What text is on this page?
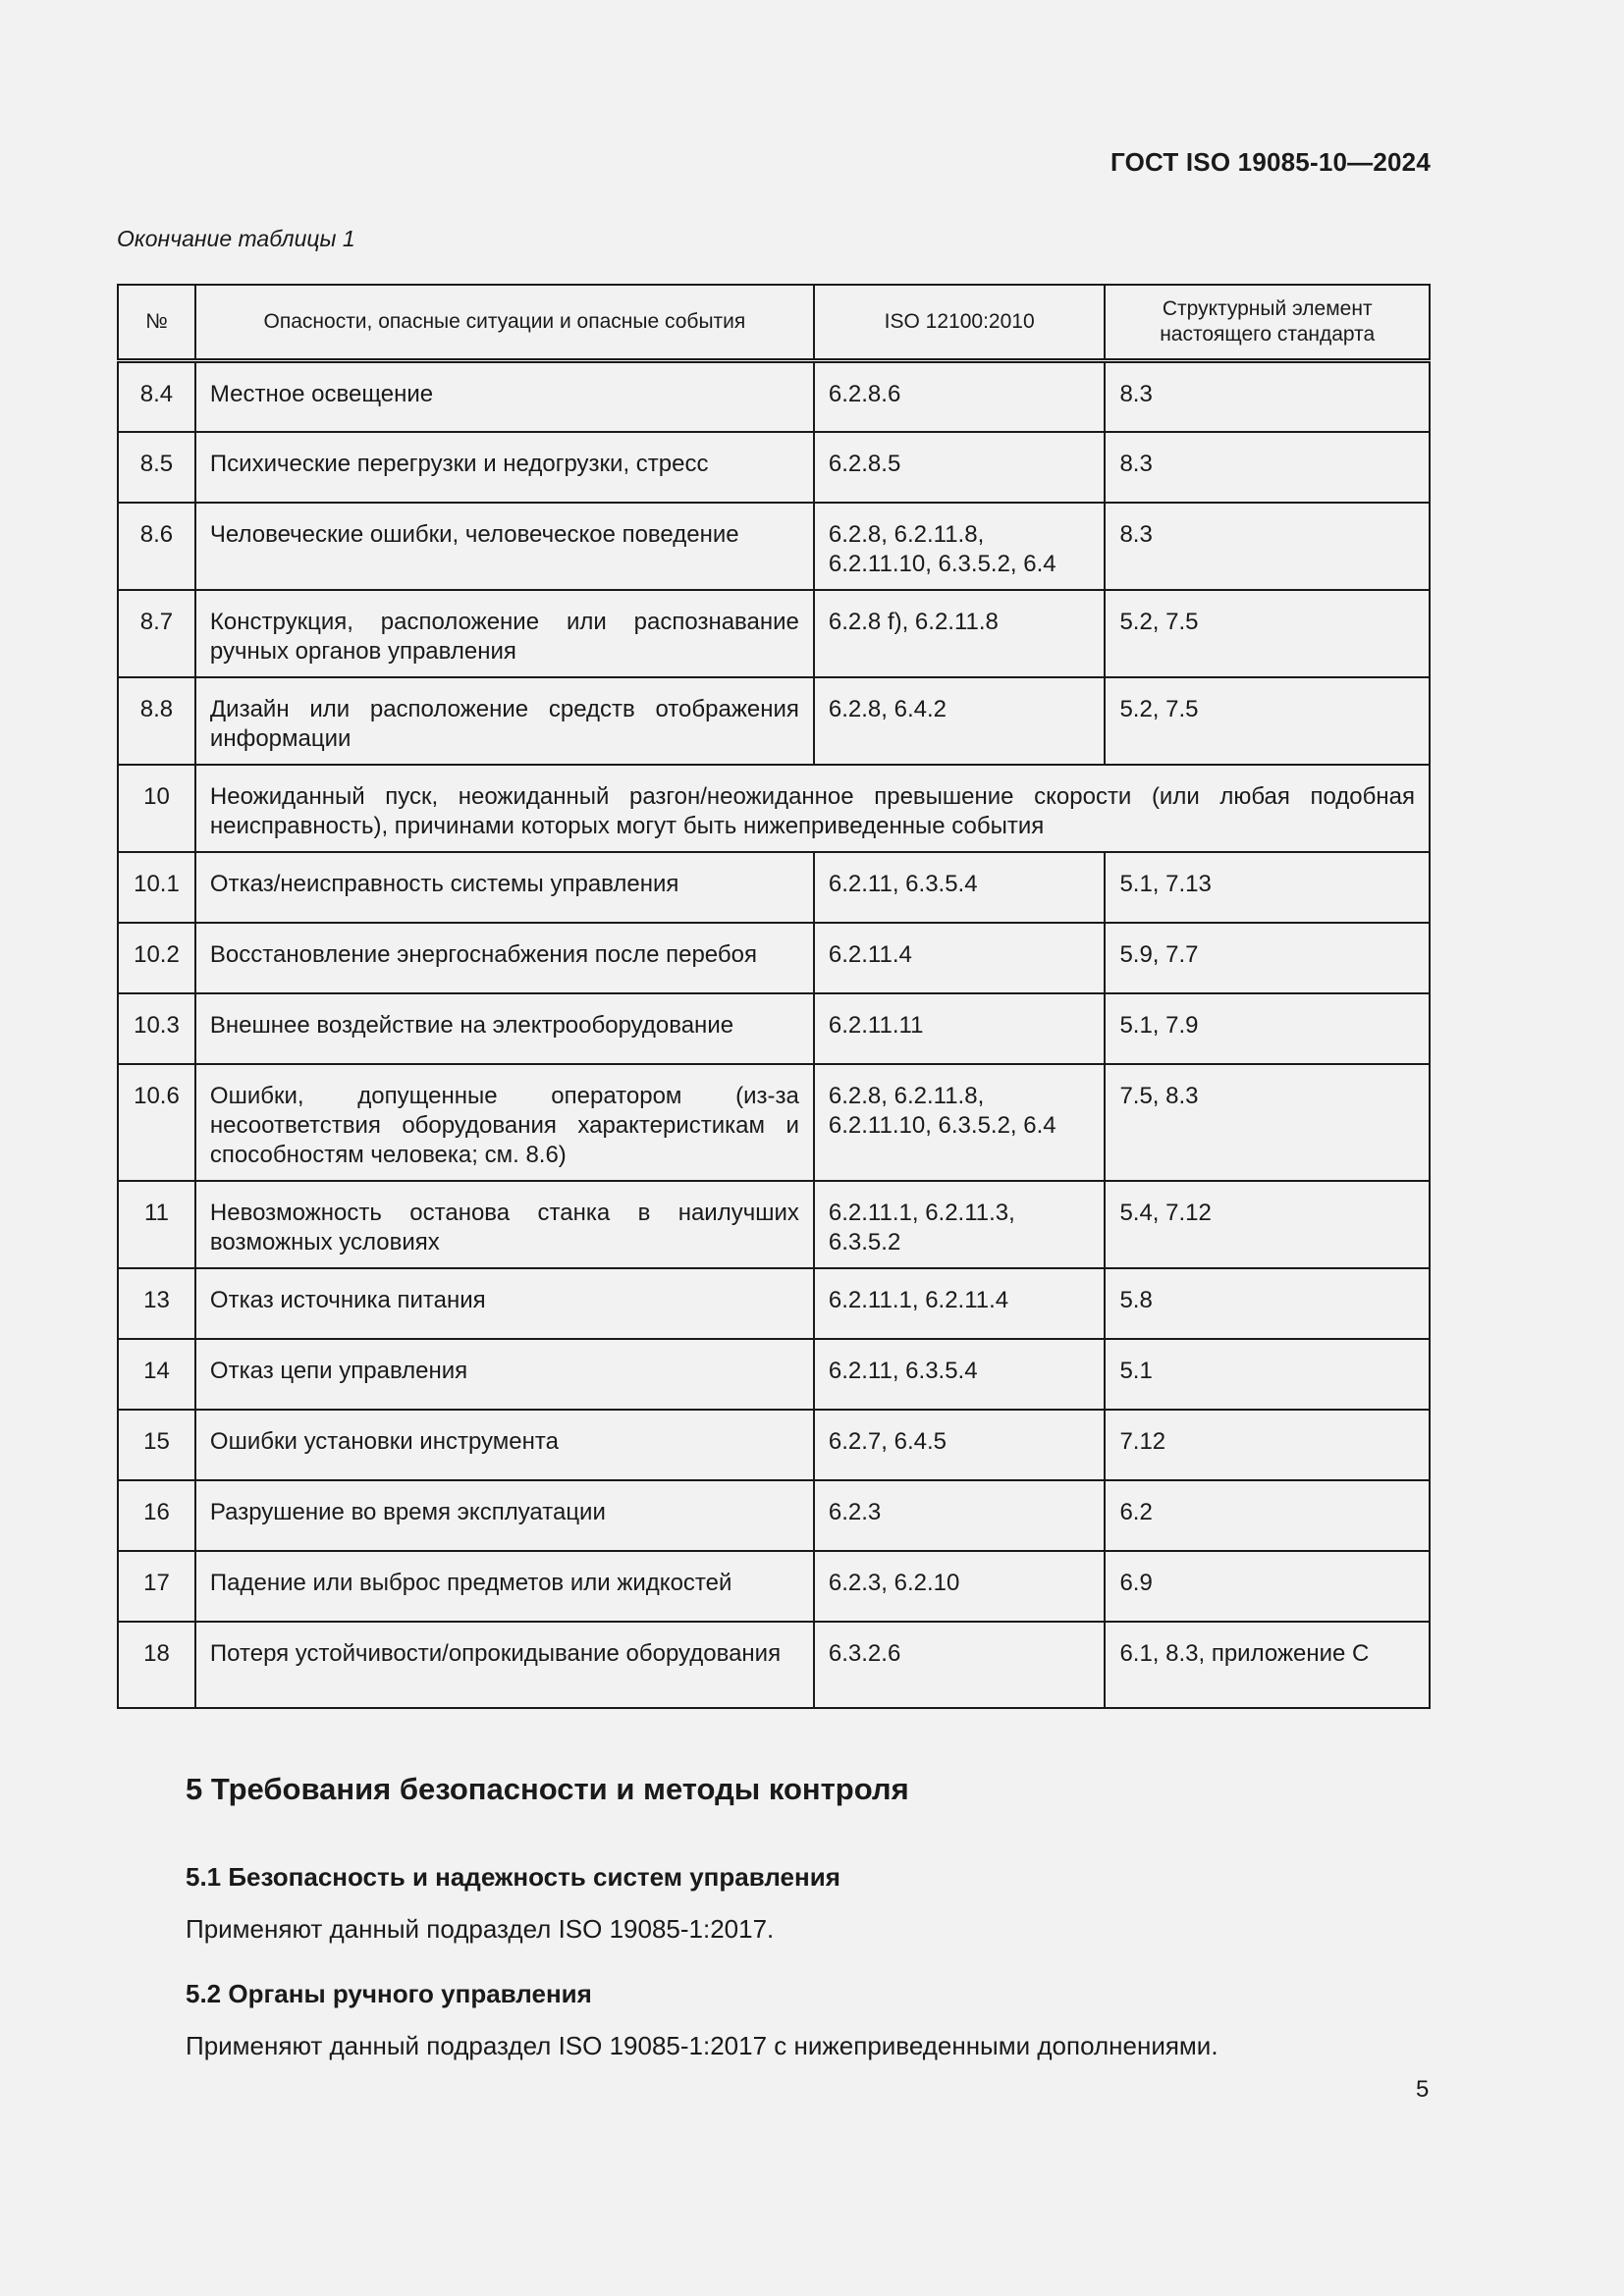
ГОСТ ISO 19085-10—2024
Окончание таблицы 1
№	Опасности, опасные ситуации и опасные события	ISO 12100:2010	Структурный элемент настоящего стандарта
8.4	Местное освещение	6.2.8.6	8.3
8.5	Психические перегрузки и недогрузки, стресс	6.2.8.5	8.3
8.6	Человеческие ошибки, человеческое поведение	6.2.8, 6.2.11.8, 6.2.11.10, 6.3.5.2, 6.4	8.3
8.7	Конструкция, расположение или распознавание ручных органов управления	6.2.8 f), 6.2.11.8	5.2, 7.5
8.8	Дизайн или расположение средств отображения информации	6.2.8, 6.4.2	5.2, 7.5
10	Неожиданный пуск, неожиданный разгон/неожиданное превышение скорости (или любая подобная неисправность), причинами которых могут быть нижеприведенные события		
10.1	Отказ/неисправность системы управления	6.2.11, 6.3.5.4	5.1, 7.13
10.2	Восстановление энергоснабжения после перебоя	6.2.11.4	5.9, 7.7
10.3	Внешнее воздействие на электрооборудование	6.2.11.11	5.1, 7.9
10.6	Ошибки, допущенные оператором (из-за несоответствия оборудования характеристикам и способностям человека; см. 8.6)	6.2.8, 6.2.11.8, 6.2.11.10, 6.3.5.2, 6.4	7.5, 8.3
11	Невозможность останова станка в наилучших возможных условиях	6.2.11.1, 6.2.11.3, 6.3.5.2	5.4, 7.12
13	Отказ источника питания	6.2.11.1, 6.2.11.4	5.8
14	Отказ цепи управления	6.2.11, 6.3.5.4	5.1
15	Ошибки установки инструмента	6.2.7, 6.4.5	7.12
16	Разрушение во время эксплуатации	6.2.3	6.2
17	Падение или выброс предметов или жидкостей	6.2.3, 6.2.10	6.9
18	Потеря устойчивости/опрокидывание оборудования	6.3.2.6	6.1, 8.3, приложение C
5 Требования безопасности и методы контроля
5.1 Безопасность и надежность систем управления
Применяют данный подраздел ISO 19085-1:2017.
5.2 Органы ручного управления
Применяют данный подраздел ISO 19085-1:2017 с нижеприведенными дополнениями.
5
